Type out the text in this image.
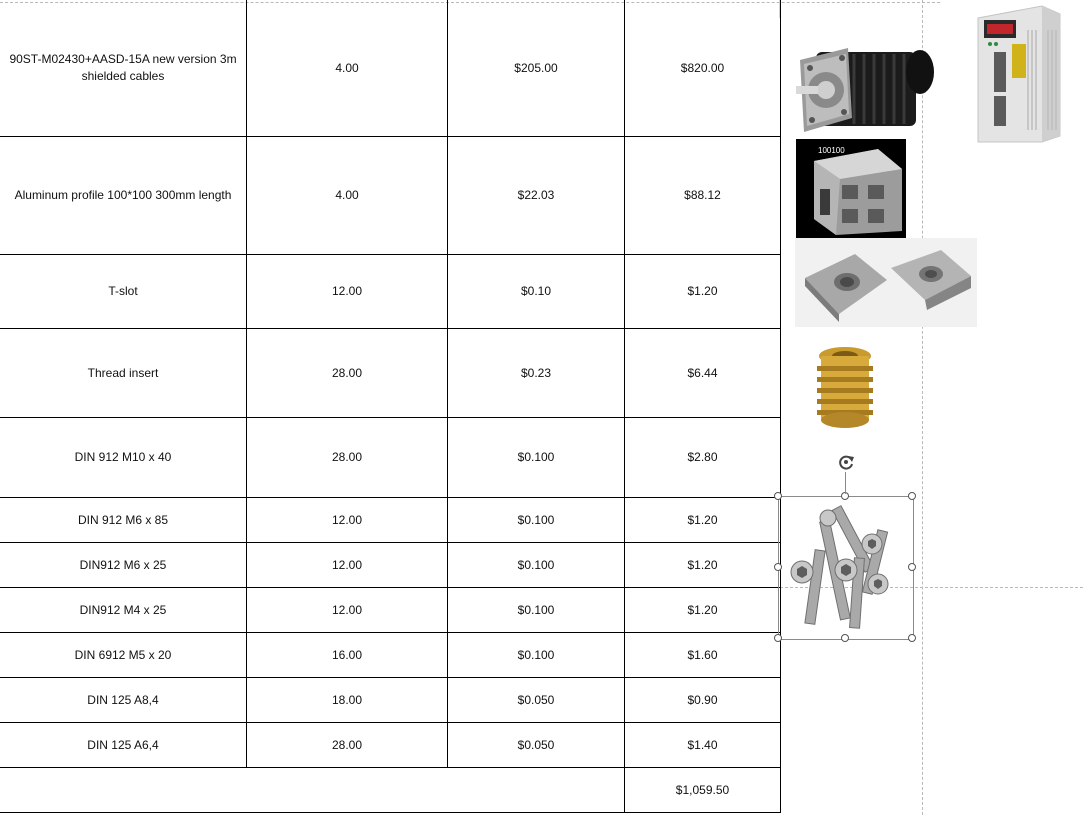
90ST-M02430+AASD-15A new version 3m shielded cables	4.00	$205.00	$820.00
Aluminum profile 100*100 300mm length	4.00	$22.03	$88.12
T-slot	12.00	$0.10	$1.20
Thread insert	28.00	$0.23	$6.44
DIN 912 M10 x 40	28.00	$0.100	$2.80
DIN 912 M6 x 85	12.00	$0.100	$1.20
DIN912 M6 x 25	12.00	$0.100	$1.20
DIN912 M4 x 25	12.00	$0.100	$1.20
DIN 6912 M5 x 20	16.00	$0.100	$1.60
DIN 125 A8,4	18.00	$0.050	$0.90
DIN 125 A6,4	28.00	$0.050	$1.40
			$1,059.50
100100
